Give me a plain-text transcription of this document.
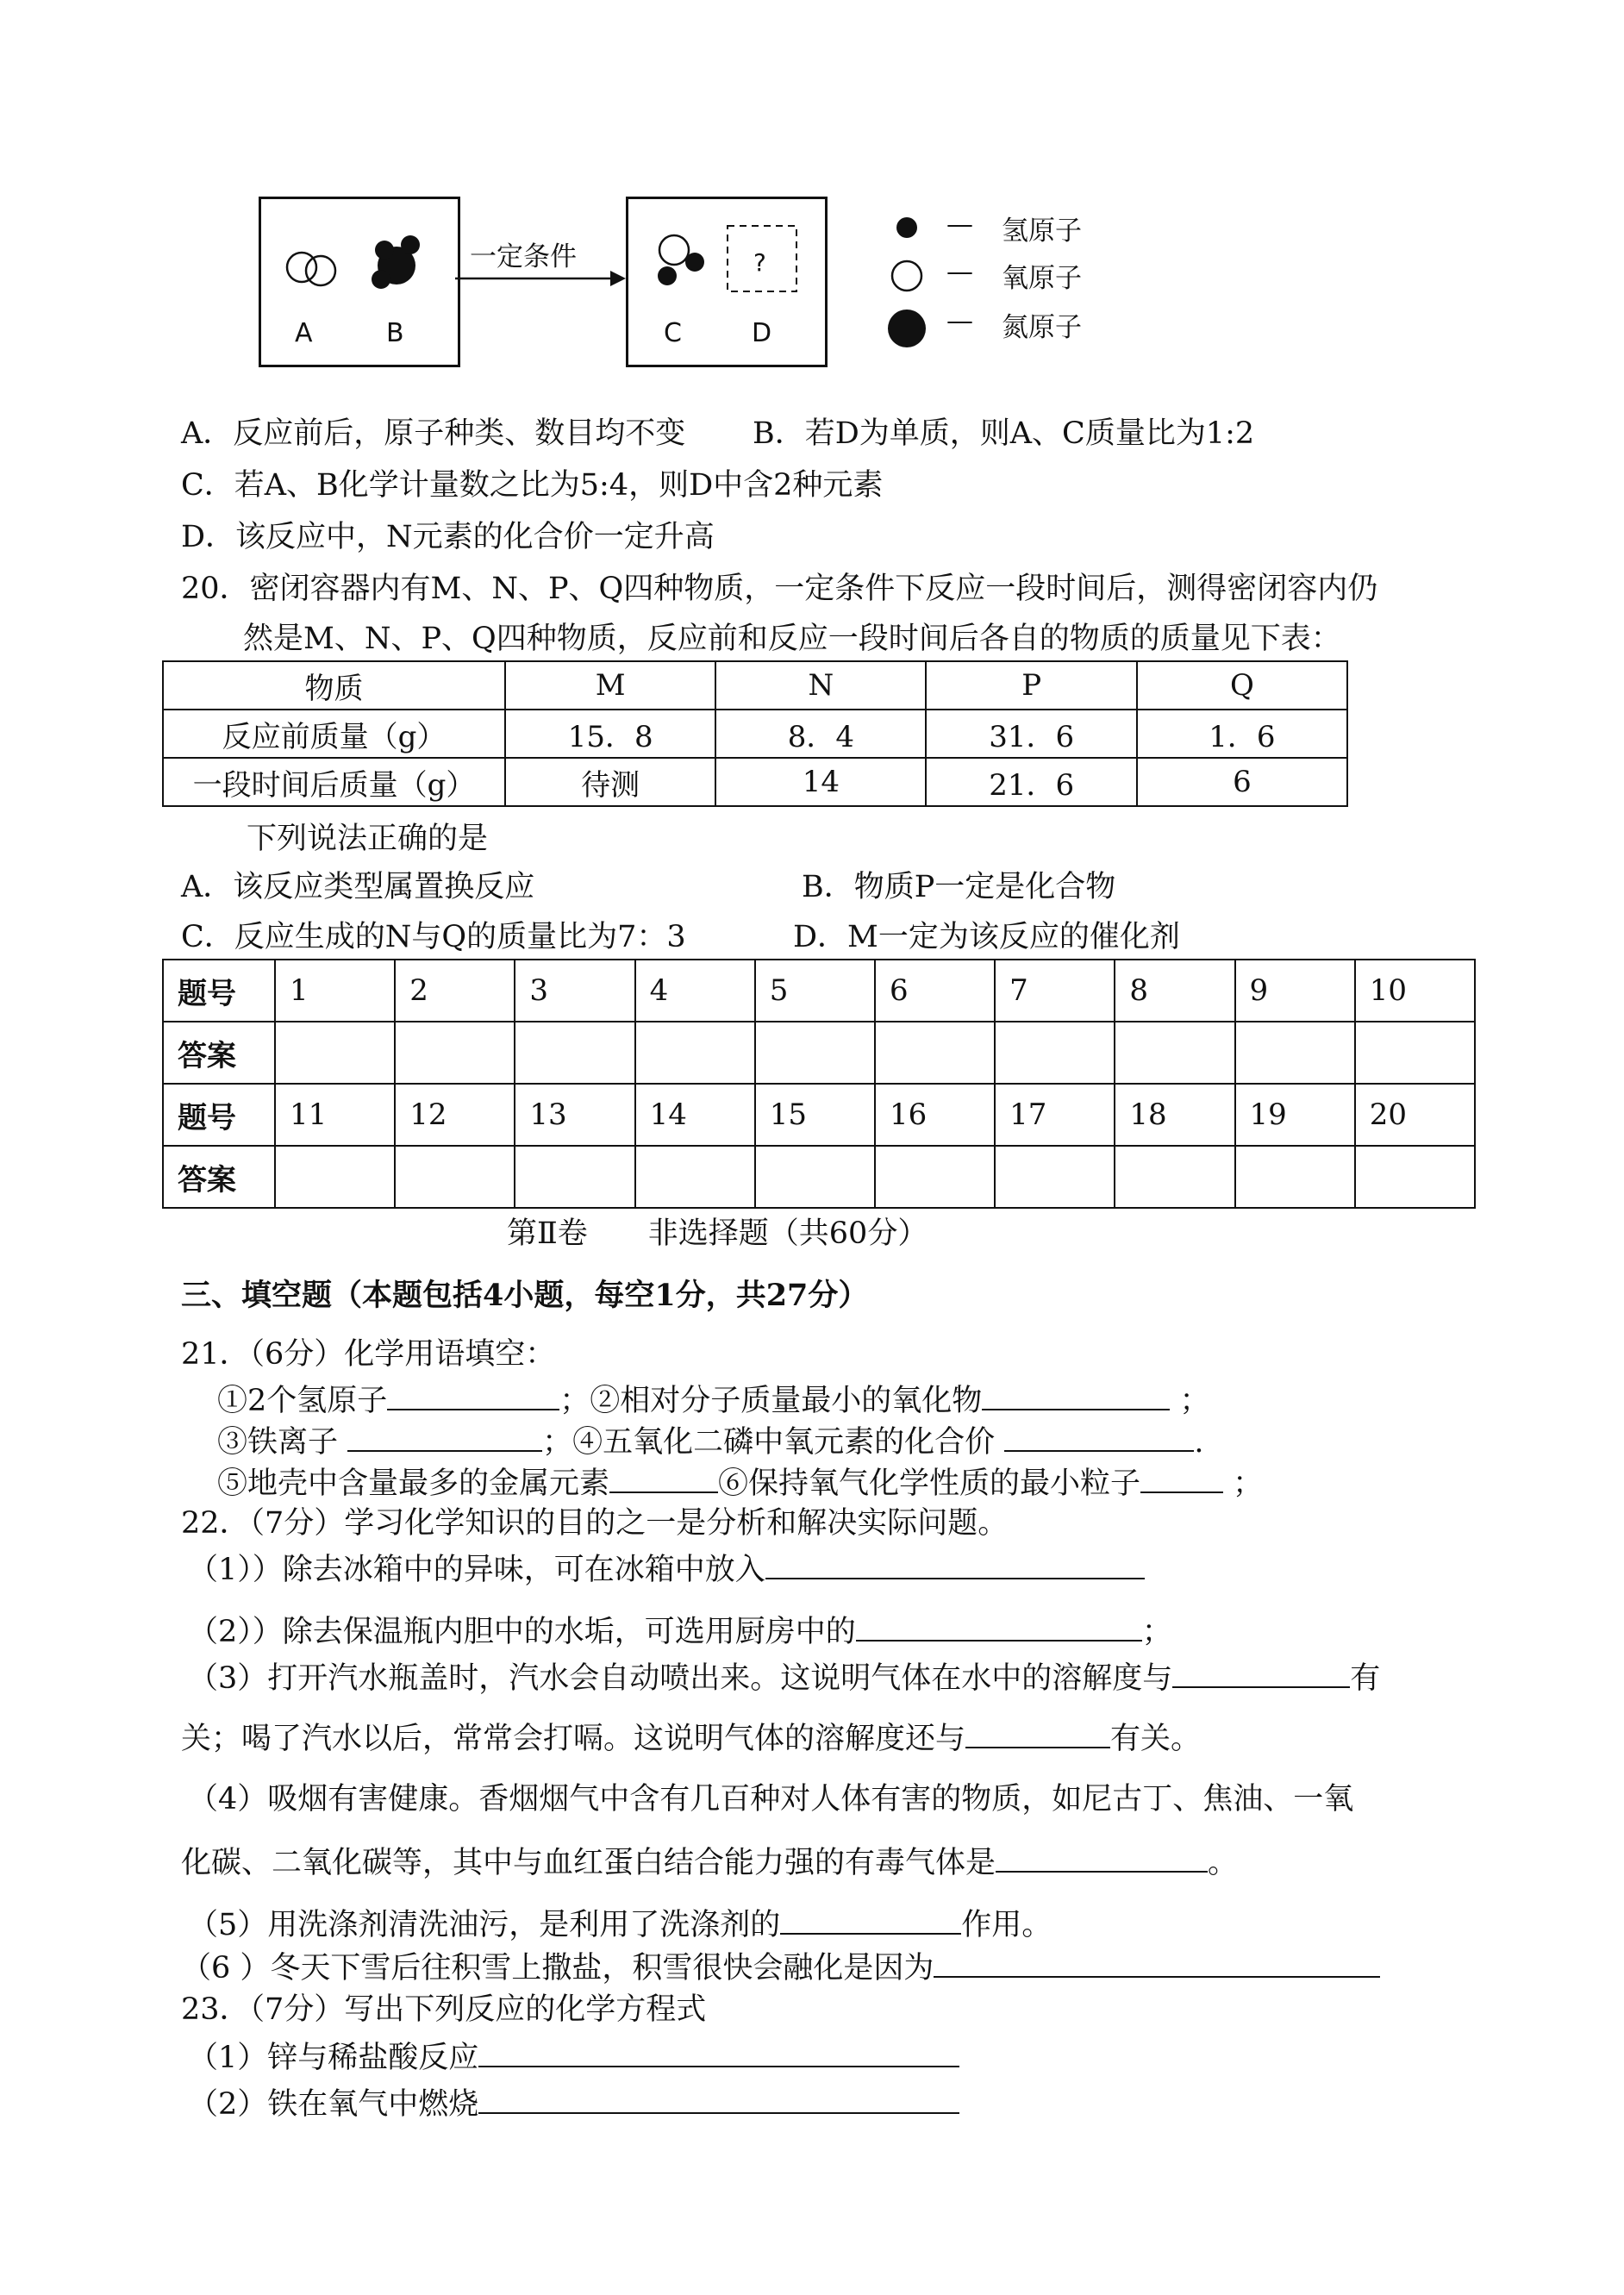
A	B
一定条件	?
C	D
— 氢原子
— 氧原子
— 氮原子
A．反应前后，原子种类、数目均不变 B．若D为单质，则A、C质量比为1:2
C．若A、B化学计量数之比为5:4，则D中含2种元素
D．该反应中，N元素的化合价一定升高
20．密闭容器内有M、N、P、Q四种物质，一定条件下反应一段时间后，测得密闭容内仍
然是M、N、P、Q四种物质，反应前和反应一段时间后各自的物质的质量见下表：
物质	M	N	P	Q
反应前质量（g）	15．8	8．4	31．6	1．6
一段时间后质量（g）	待测	14	21．6	6
下列说法正确的是
A．该反应类型属置换反应	B．物质P一定是化合物
C．反应生成的N与Q的质量比为7：3	D．M一定为该反应的催化剂
题号	1	2	3	4	5	6	7	8	9	10
答案										
题号	11	12	13	14	15	16	17	18	19	20
答案										
第Ⅱ卷　　非选择题（共60分）
三、填空题（本题包括4小题，每空1分，共27分）
21．（6分）化学用语填空：
①2个氢原子	；②相对分子质量最小的氧化物	；
③铁离子	；④五氧化二磷中氧元素的化合价	.
⑤地壳中含量最多的金属元素	⑥保持氧气化学性质的最小粒子	；
22．（7分）学习化学知识的目的之一是分析和解决实际问题。
（1））除去冰箱中的异味，可在冰箱中放入
（2））除去保温瓶内胆中的水垢，可选用厨房中的	；
（3）打开汽水瓶盖时，汽水会自动喷出来。这说明气体在水中的溶解度与	有
关；喝了汽水以后，常常会打嗝。这说明气体的溶解度还与	有关。
（4）吸烟有害健康。香烟烟气中含有几百种对人体有害的物质，如尼古丁、焦油、一氧
化碳、二氧化碳等，其中与血红蛋白结合能力强的有毒气体是	。
（5）用洗涤剂清洗油污，是利用了洗涤剂的	作用。
（6 ）冬天下雪后往积雪上撒盐，积雪很快会融化是因为
23．（7分）写出下列反应的化学方程式
（1）锌与稀盐酸反应
（2）铁在氧气中燃烧
